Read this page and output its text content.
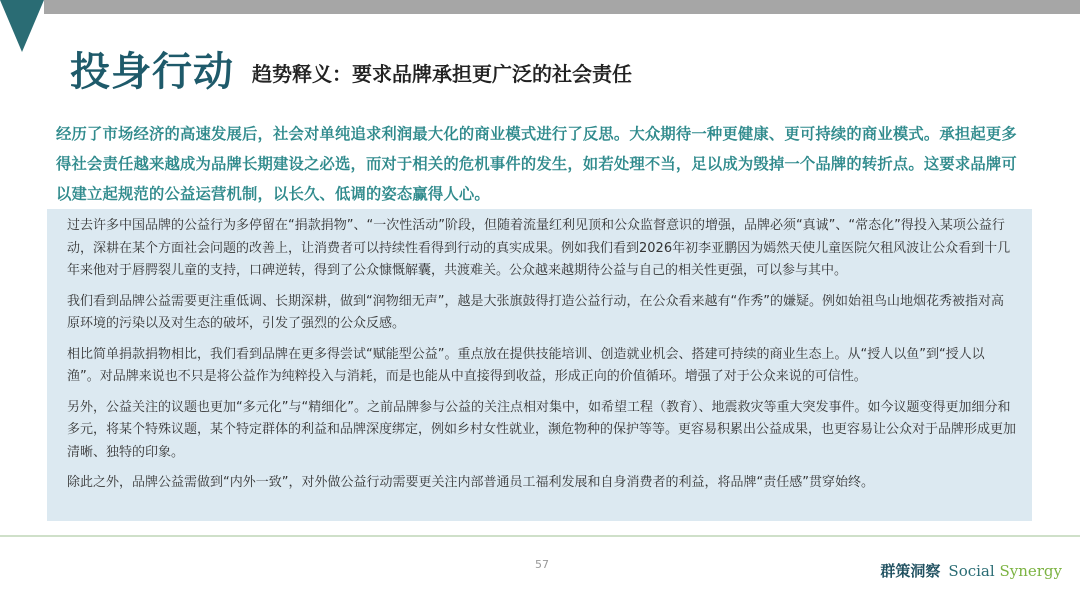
投身行动 趋势释义：要求品牌承担更广泛的社会责任
经历了市场经济的高速发展后，社会对单纯追求利润最大化的商业模式进行了反思。大众期待一种更健康、更可持续的商业模式。承担起更多得社会责任越来越成为品牌长期建设之必选，而对于相关的危机事件的发生，如若处理不当，足以成为毁掉一个品牌的转折点。这要求品牌可以建立起规范的公益运营机制，以长久、低调的姿态赢得人心。

过去许多中国品牌的公益行为多停留在“捐款捐物”、“一次性活动”阶段，但随着流量红利见顶和公众监督意识的增强，品牌必须“真诚”、“常态化”得投入某项公益行动，深耕在某个方面社会问题的改善上，让消费者可以持续性看得到行动的真实成果。例如我们看到2026年初李亚鹏因为嫣然天使儿童医院欠租风波让公众看到十几年来他对于唇腭裂儿童的支持，口碑逆转，得到了公众慷慨解囊，共渡难关。公众越来越期待公益与自己的相关性更强，可以参与其中。

我们看到品牌公益需要更注重低调、长期深耕，做到“润物细无声”，越是大张旗鼓得打造公益行动，在公众看来越有“作秀”的嫌疑。例如始祖鸟山地烟花秀被指对高原环境的污染以及对生态的破坏，引发了强烈的公众反感。

相比简单捐款捐物相比，我们看到品牌在更多得尝试“赋能型公益”。重点放在提供技能培训、创造就业机会、搭建可持续的商业生态上。从“授人以鱼”到“授人以渔”。对品牌来说也不只是将公益作为纯粹投入与消耗，而是也能从中直接得到收益，形成正向的价值循环。增强了对于公众来说的可信性。

另外，公益关注的议题也更加“多元化”与“精细化”。之前品牌参与公益的关注点相对集中，如希望工程（教育）、地震救灾等重大突发事件。如今议题变得更加细分和多元，将某个特殊议题，某个特定群体的利益和品牌深度绑定，例如乡村女性就业，濒危物种的保护等等。更容易积累出公益成果，也更容易让公众对于品牌形成更加清晰、独特的印象。

除此之外，品牌公益需做到“内外一致”，对外做公益行动需要更关注内部普通员工福利发展和自身消费者的利益，将品牌“责任感”贯穿始终。

57	群策洞察 Social Synergy
